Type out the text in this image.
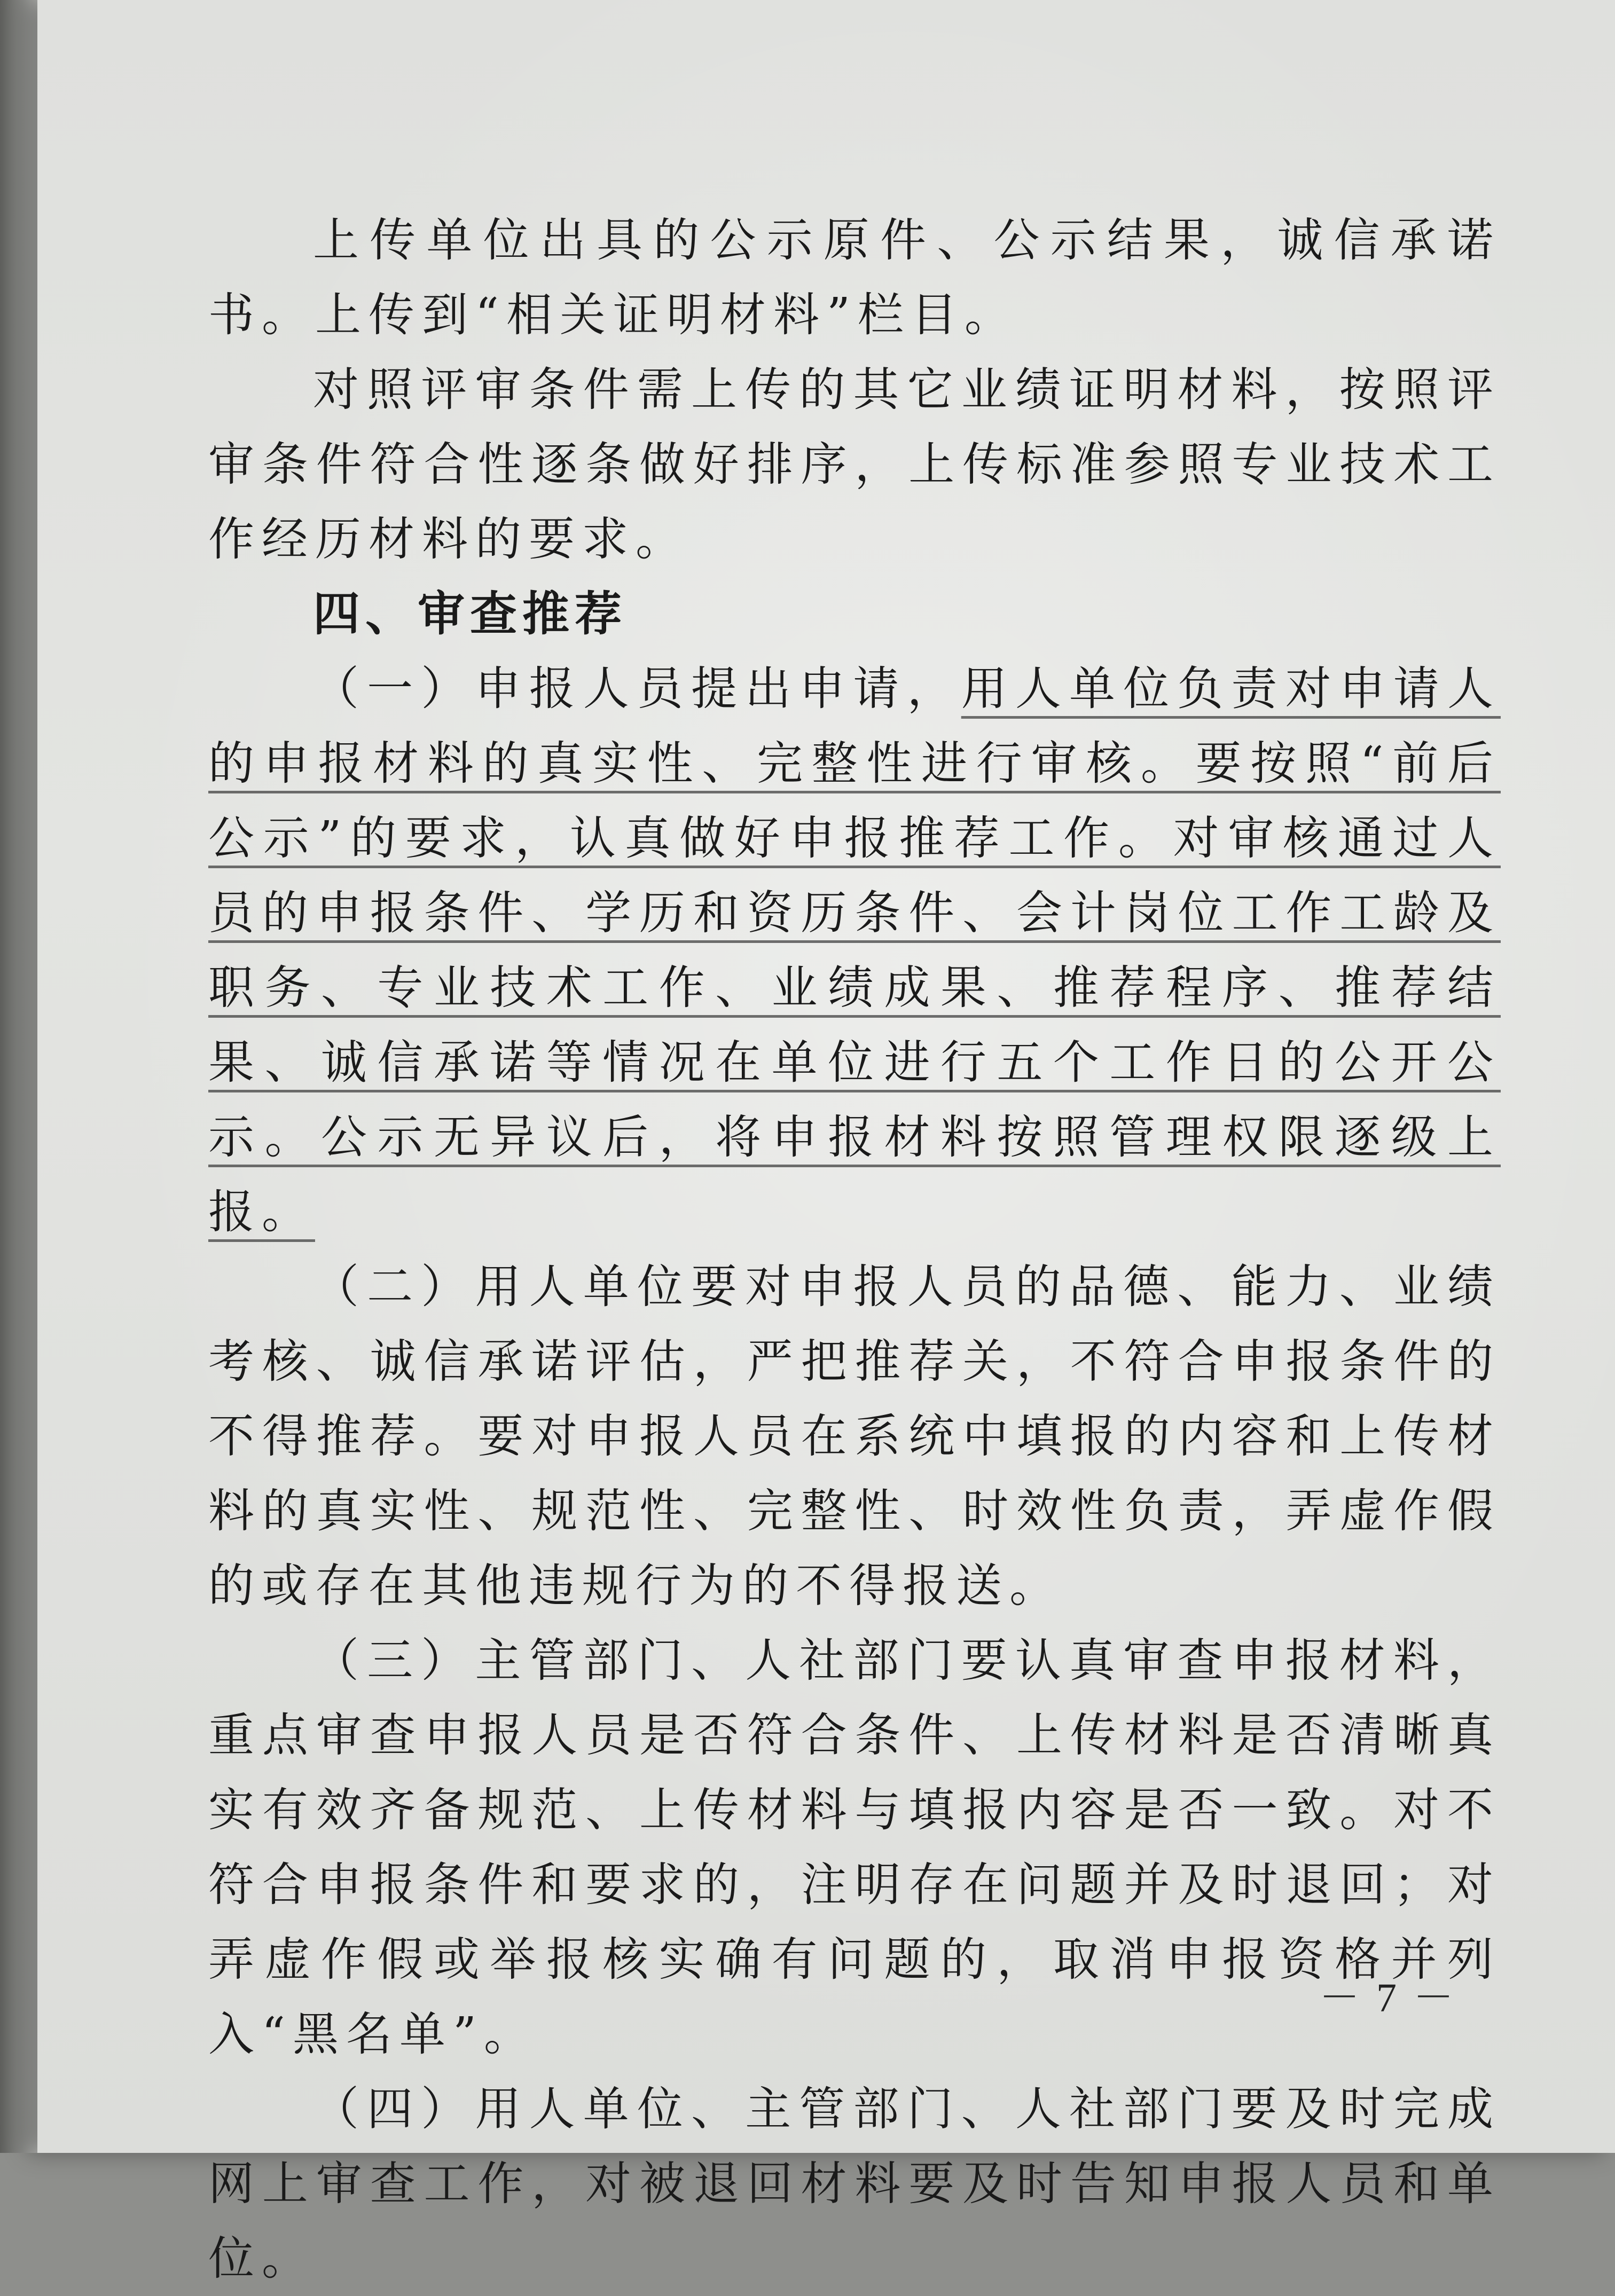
上传单位出具的公示原件、公示结果，诚信承诺书。上传到“相关证明材料”栏目。

对照评审条件需上传的其它业绩证明材料，按照评审条件符合性逐条做好排序，上传标准参照专业技术工作经历材料的要求。

四、审查推荐

（一）申报人员提出申请，用人单位负责对申请人的申报材料的真实性、完整性进行审核。要按照“前后公示”的要求，认真做好申报推荐工作。对审核通过人员的申报条件、学历和资历条件、会计岗位工作工龄及职务、专业技术工作、业绩成果、推荐程序、推荐结果、诚信承诺等情况在单位进行五个工作日的公开公示。公示无异议后，将申报材料按照管理权限逐级上报。

（二）用人单位要对申报人员的品德、能力、业绩考核、诚信承诺评估，严把推荐关，不符合申报条件的不得推荐。要对申报人员在系统中填报的内容和上传材料的真实性、规范性、完整性、时效性负责，弄虚作假的或存在其他违规行为的不得报送。

（三）主管部门、人社部门要认真审查申报材料，重点审查申报人员是否符合条件、上传材料是否清晰真实有效齐备规范、上传材料与填报内容是否一致。对不符合申报条件和要求的，注明存在问题并及时退回；对弄虚作假或举报核实确有问题的，取消申报资格并列入“黑名单”。

（四）用人单位、主管部门、人社部门要及时完成网上审查工作，对被退回材料要及时告知申报人员和单位。

－ 7 －
